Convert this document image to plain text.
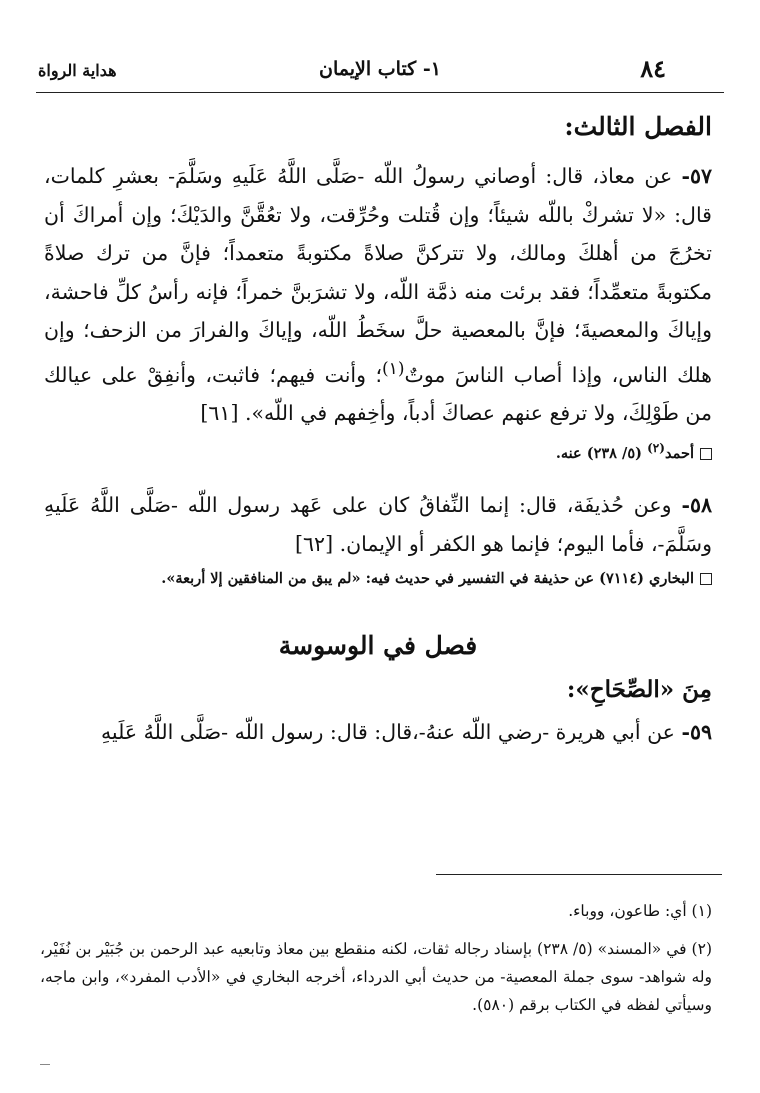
٨٤
١- كتاب الإيمان
هداية الرواة
الفصل الثالث:

٥٧- عن معاذ، قال: أوصاني رسولُ اللّه -صَلَّى اللَّهُ عَلَيهِ وسَلَّمَ- بعشرِ كلمات، قال: «لا تشركْ باللّه شيئاً؛ وإن قُتلت وحُرِّقت، ولا تعُقَّنَّ والدَيْكَ؛ وإن أمراكَ أن تخرُجَ من أهلكَ ومالك، ولا تتركنَّ صلاةً مكتوبةً متعمداً؛ فإنَّ من ترك صلاةً مكتوبةً متعمِّداً؛ فقد برئت منه ذمَّة اللّه، ولا تشرَبنَّ خمراً؛ فإنه رأسُ كلِّ فاحشة، وإياكَ والمعصيةَ؛ فإنَّ بالمعصية حلَّ سخَطُ اللّه، وإياكَ والفرارَ من الزحف؛ وإن هلك الناس، وإذا أصاب الناسَ موتٌ$^{(١)}$؛ وأنت فيهم؛ فاثبت، وأنفِقْ على عيالك من طَوْلِكَ، ولا ترفع عنهم عصاكَ أدباً، وأخِفهم في اللّه». [٦١]

أحمد$^{(٢)}$ (٥/ ٢٣٨) عنه.

٥٨- وعن حُذيفَة، قال: إنما النِّفاقُ كان على عَهد رسول اللّه -صَلَّى اللَّهُ عَلَيهِ وسَلَّمَ-، فأما اليوم؛ فإنما هو الكفر أو الإيمان. [٦٢]

البخاري (٧١١٤) عن حذيفة في التفسير في حديث فيه: «لم يبق من المنافقين إلا أربعة».
فصل في الوسوسة
مِنَ «الصِّحَاحِ»:

٥٩- عن أبي هريرة -رضي اللّه عنهُ-،قال: قال: رسول اللّه -صَلَّى اللَّهُ عَلَيهِ

(١) أي: طاعون، ووباء.

(٢) في «المسند» (٥/ ٢٣٨) بإسناد رجاله ثقات، لكنه منقطع بين معاذ وتابعيه عبد الرحمن بن جُبَيْر بن نُفَيْر، وله شواهد- سوى جملة المعصية- من حديث أبي الدرداء، أخرجه البخاري في «الأدب المفرد»، وابن ماجه، وسيأتي لفظه في الكتاب برقم (٥٨٠).
